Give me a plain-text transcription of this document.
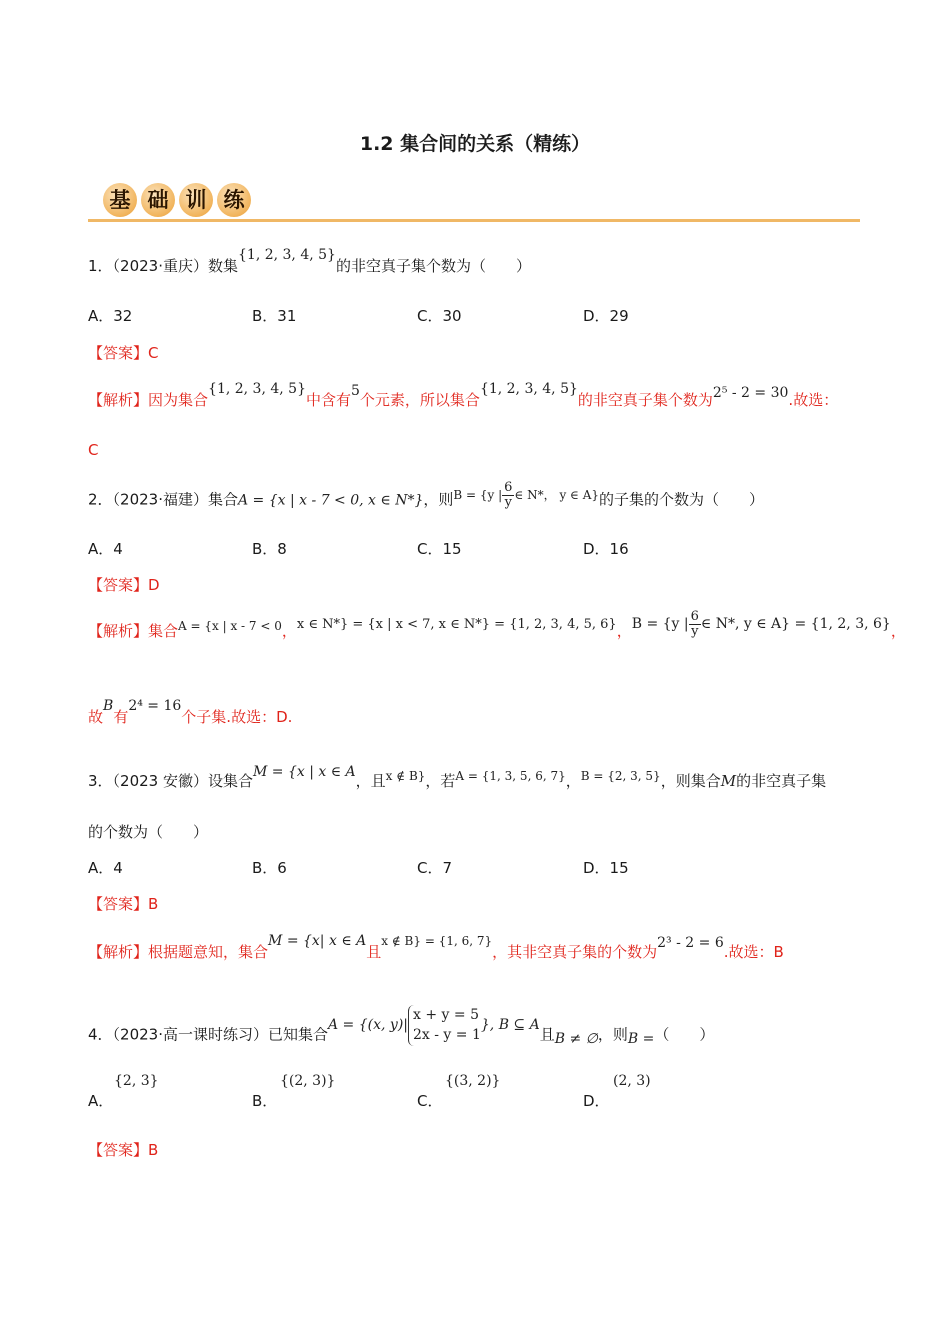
1.2 集合间的关系（精练）
基 础 训 练
1．（2023·重庆）数集{1, 2, 3, 4, 5}的非空真子集个数为（　　）
A．32	B．31	C．30	D．29
【答案】C
【解析】因为集合{1, 2, 3, 4, 5}中含有5个元素，所以集合{1, 2, 3, 4, 5}的非空真子集个数为2⁵ - 2 = 30.故选：
C
2．（2023·福建）集合A = {x | x - 7 < 0, x ∈ N*}，则$^{B = \{y | \frac{6}{y} \in N*, y \in A\}}$的子集的个数为（　　）
A．4	B．8	C．15	D．16
【答案】D
【解析】集合$^{A = \{x | x - 7 < 0}$，x ∈ N*} = {x | x < 7, x ∈ N*} = {1, 2, 3, 4, 5, 6}，B = {y | $\frac{6}{y}$ ∈ N*, y ∈ A} = {1, 2, 3, 6}，
故B有2⁴ = 16个子集.故选：D.
3．（2023 安徽）设集合M = {x | x ∈ A，且$^{x \notin B\}}$，若$^{A = \{1, 3, 5, 6, 7\}}$，$^{B = \{2, 3, 5\}}$，则集合M的非空真子集
的个数为（　　）
A．4	B．6	C．7	D．15
【答案】B
【解析】根据题意知，集合M = {x| x ∈ A且$^{x \notin B\} = \{1, 6, 7\}}$，其非空真子集的个数为2³ - 2 = 6.故选：B
4．（2023·高一课时练习）已知集合A = {(x, y)|
x + y = 5
2x - y = 1
}, B ⊆ A且B ≠ ∅，则B =（　　）
A．
{2, 3}
B．
{(2, 3)}
C．
{(3, 2)}
D．
(2, 3)
【答案】B
